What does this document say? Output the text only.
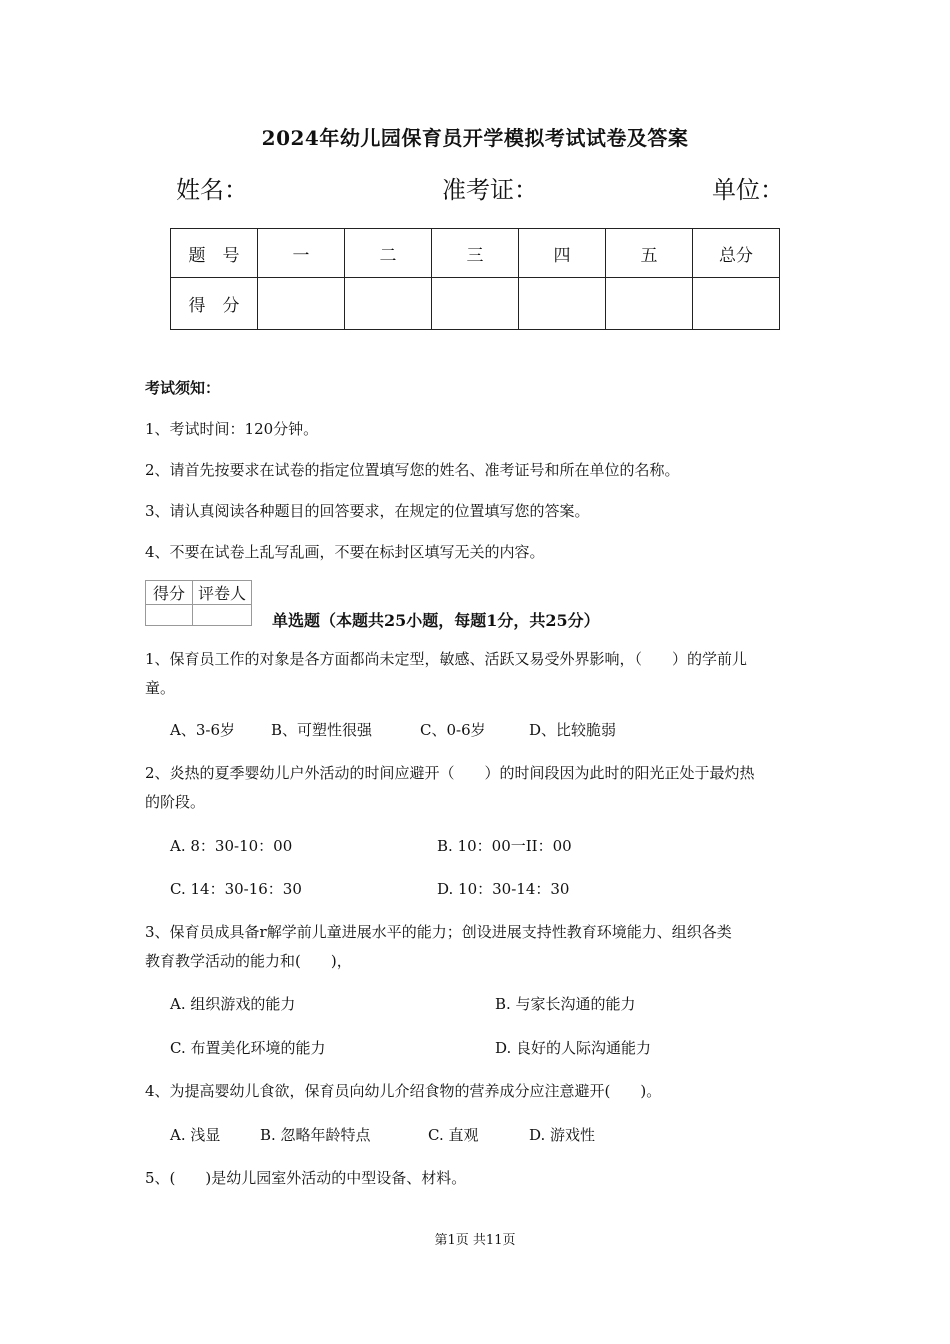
2024年幼儿园保育员开学模拟考试试卷及答案
姓名：	准考证：	单位：
题　号	一	二	三	四	五	总分
得　分						
考试须知：
1、考试时间：120分钟。
2、请首先按要求在试卷的指定位置填写您的姓名、准考证号和所在单位的名称。
3、请认真阅读各种题目的回答要求，在规定的位置填写您的答案。
4、不要在试卷上乱写乱画，不要在标封区填写无关的内容。
得分	评卷人

单选题（本题共25小题，每题1分，共25分）
1、保育员工作的对象是各方面都尚未定型，敏感、活跃又易受外界影响，（　　）的学前儿
童。
A、3-6岁 B、可塑性很强	C、0-6岁	D、比较脆弱
2、炎热的夏季婴幼儿户外活动的时间应避开（　　）的时间段因为此时的阳光正处于最灼热
的阶段。
A. 8：30-10：00	B. 10：00一II：00
C. 14：30-16：30	D. 10：30-14：30
3、保育员成具备r解学前儿童进展水平的能力；创设进展支持性教育环境能力、组织各类
教育教学活动的能力和(　　)，
A. 组织游戏的能力	B. 与家长沟通的能力
C. 布置美化环境的能力	D. 良好的人际沟通能力
4、为提高婴幼儿食欲，保育员向幼儿介绍食物的营养成分应注意避开(　　)。
A. 浅显	B. 忽略年龄特点	C. 直观	D. 游戏性
5、(　　)是幼儿园室外活动的中型设备、材料。
第1页 共11页
